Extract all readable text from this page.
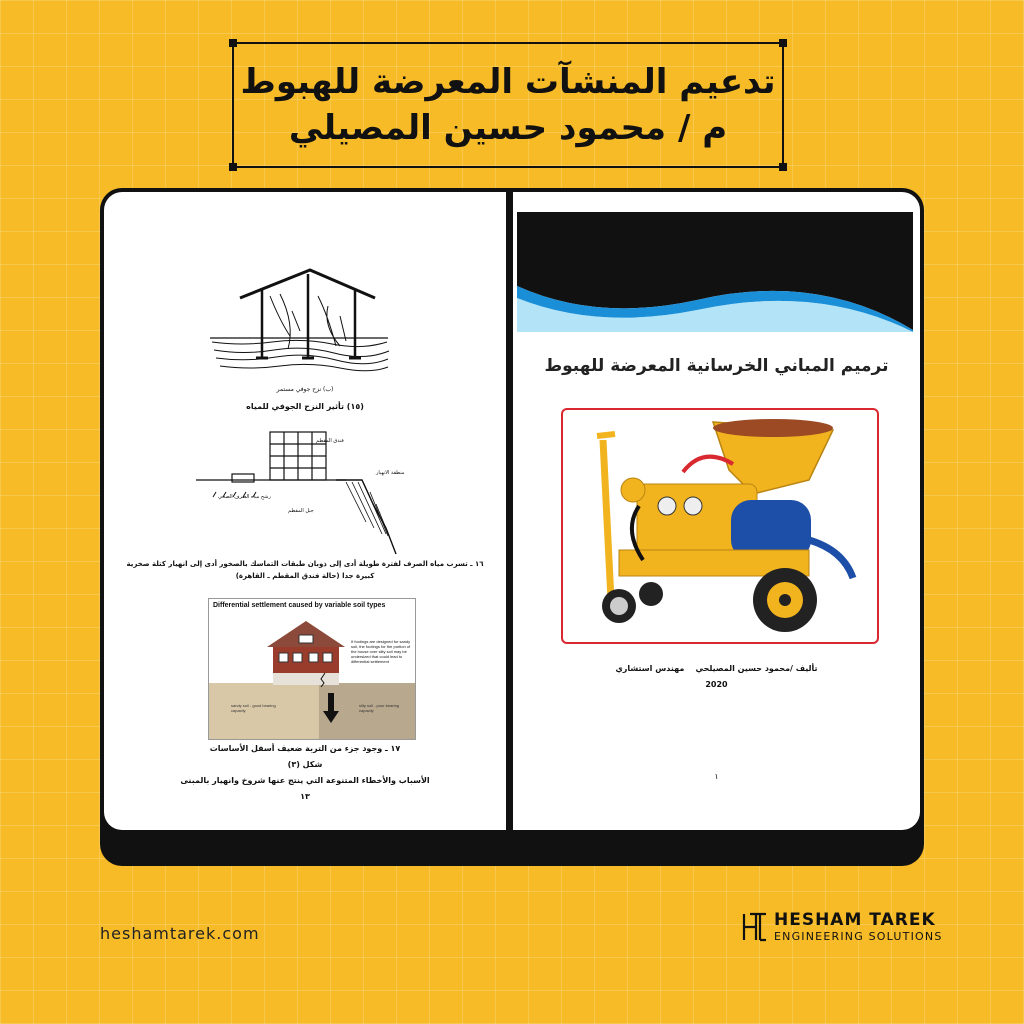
تدعيم المنشآت المعرضة للهبوط
م / محمود حسين المصيلي
(ب) نزح جوفي مستمر
(١٥) تأثير النزح الجوفي للمياه
فندق المقطم
منطقة الانهيار
رشح مياه الصرف الصحي
جبل المقطم
١٦ ـ تسرب مياه الصرف لفترة طويلة أدى إلى ذوبان طبقات التماسك بالصخور أدى إلى انهيار كتلة صخرية كبيرة جدا (حالة فندق المقطم ـ القاهرة)
Differential settlement caused by variable soil types
If footings are designed for sandy soil, the footings for the portion of the house over silty soil may be undersized that could lead to differential settlement
sandy soil - good bearing capacity
silty soil - poor bearing capacity
١٧ ـ وجود جزء من التربة ضعيف أسفل الأساسات
شكل (٣)
الأسباب والأخطاء المتنوعة التي ينتج عنها شروخ وانهيار بالمبنى
١٣
ترميم المباني الخرسانية المعرضة للهبوط
تأليف /محمود حسين المصيلحي    مهندس استشاري
2020
١
heshamtarek.com
HESHAM TAREK
ENGINEERING SOLUTIONS
